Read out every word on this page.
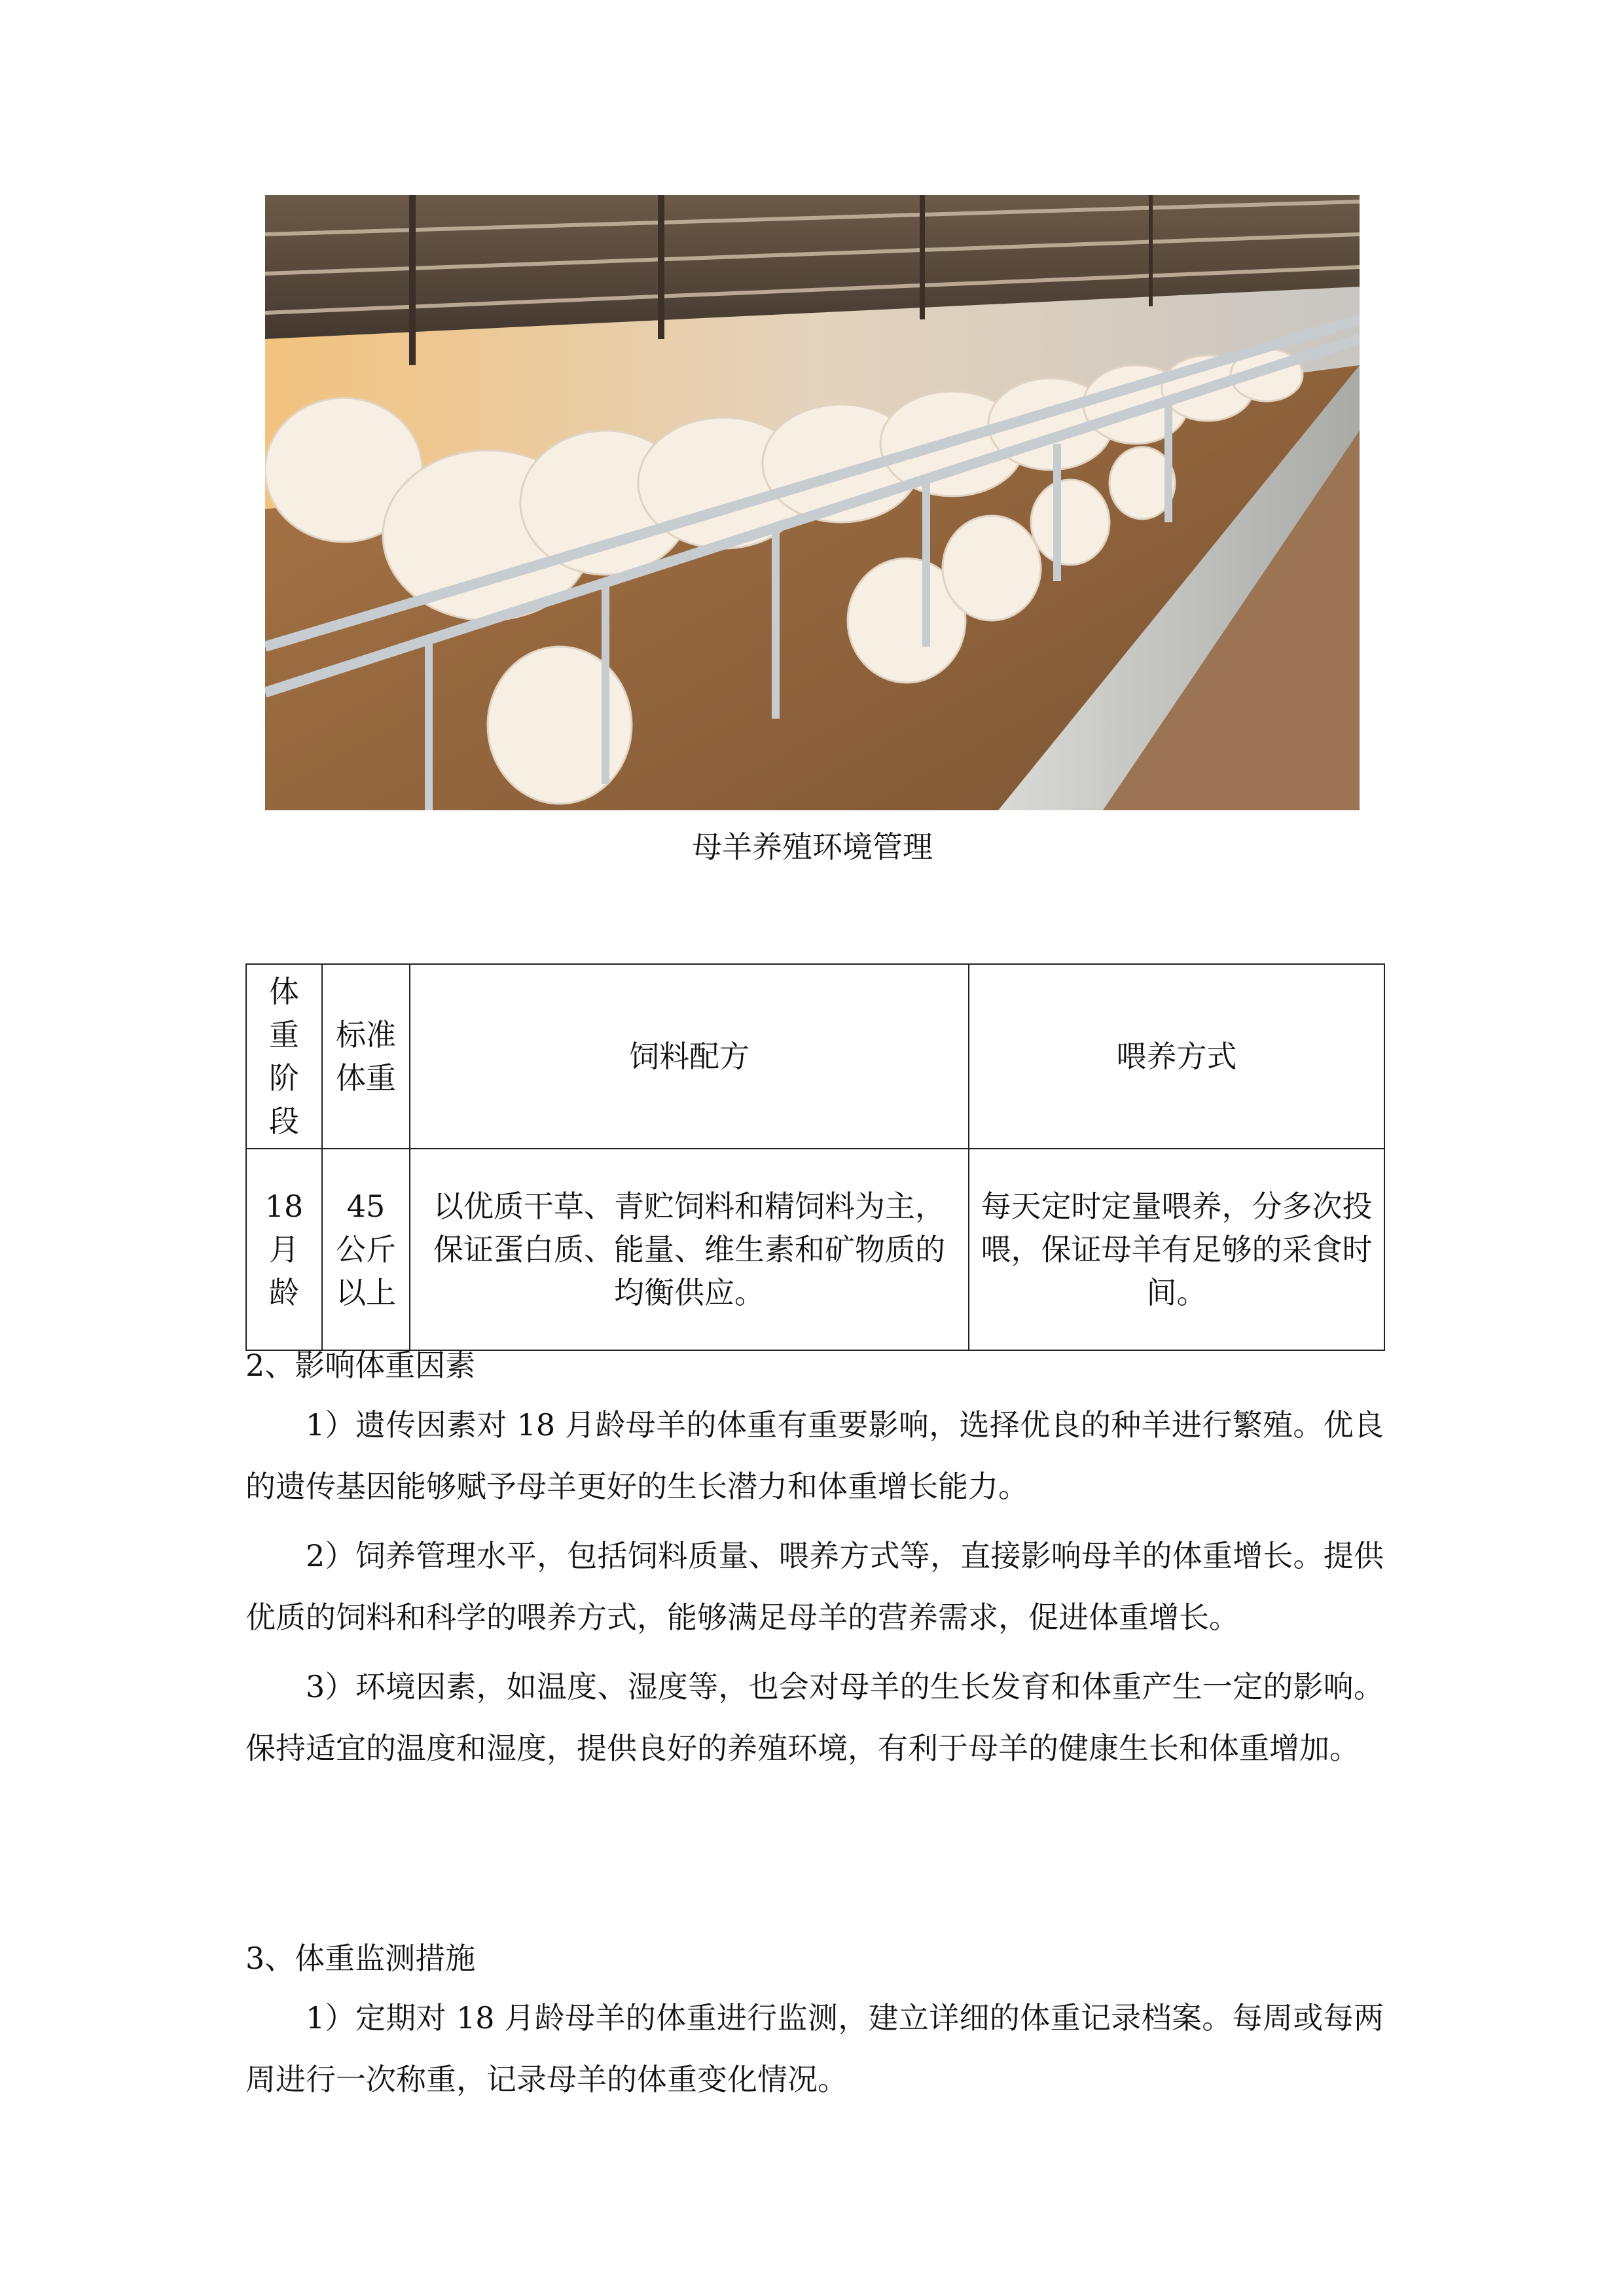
母羊养殖环境管理
体重阶段	标准体重	饲料配方	喂养方式
18月龄	45公斤以上	以优质干草、青贮饲料和精饲料为主，保证蛋白质、能量、维生素和矿物质的均衡供应。	每天定时定量喂养，分多次投喂，保证母羊有足够的采食时间。
2、影响体重因素

1）遗传因素对 18 月龄母羊的体重有重要影响，选择优良的种羊进行繁殖。优良的遗传基因能够赋予母羊更好的生长潜力和体重增长能力。

2）饲养管理水平，包括饲料质量、喂养方式等，直接影响母羊的体重增长。提供优质的饲料和科学的喂养方式，能够满足母羊的营养需求，促进体重增长。

3）环境因素，如温度、湿度等，也会对母羊的生长发育和体重产生一定的影响。保持适宜的温度和湿度，提供良好的养殖环境，有利于母羊的健康生长和体重增加。

3、体重监测措施

1）定期对 18 月龄母羊的体重进行监测，建立详细的体重记录档案。每周或每两周进行一次称重，记录母羊的体重变化情况。
